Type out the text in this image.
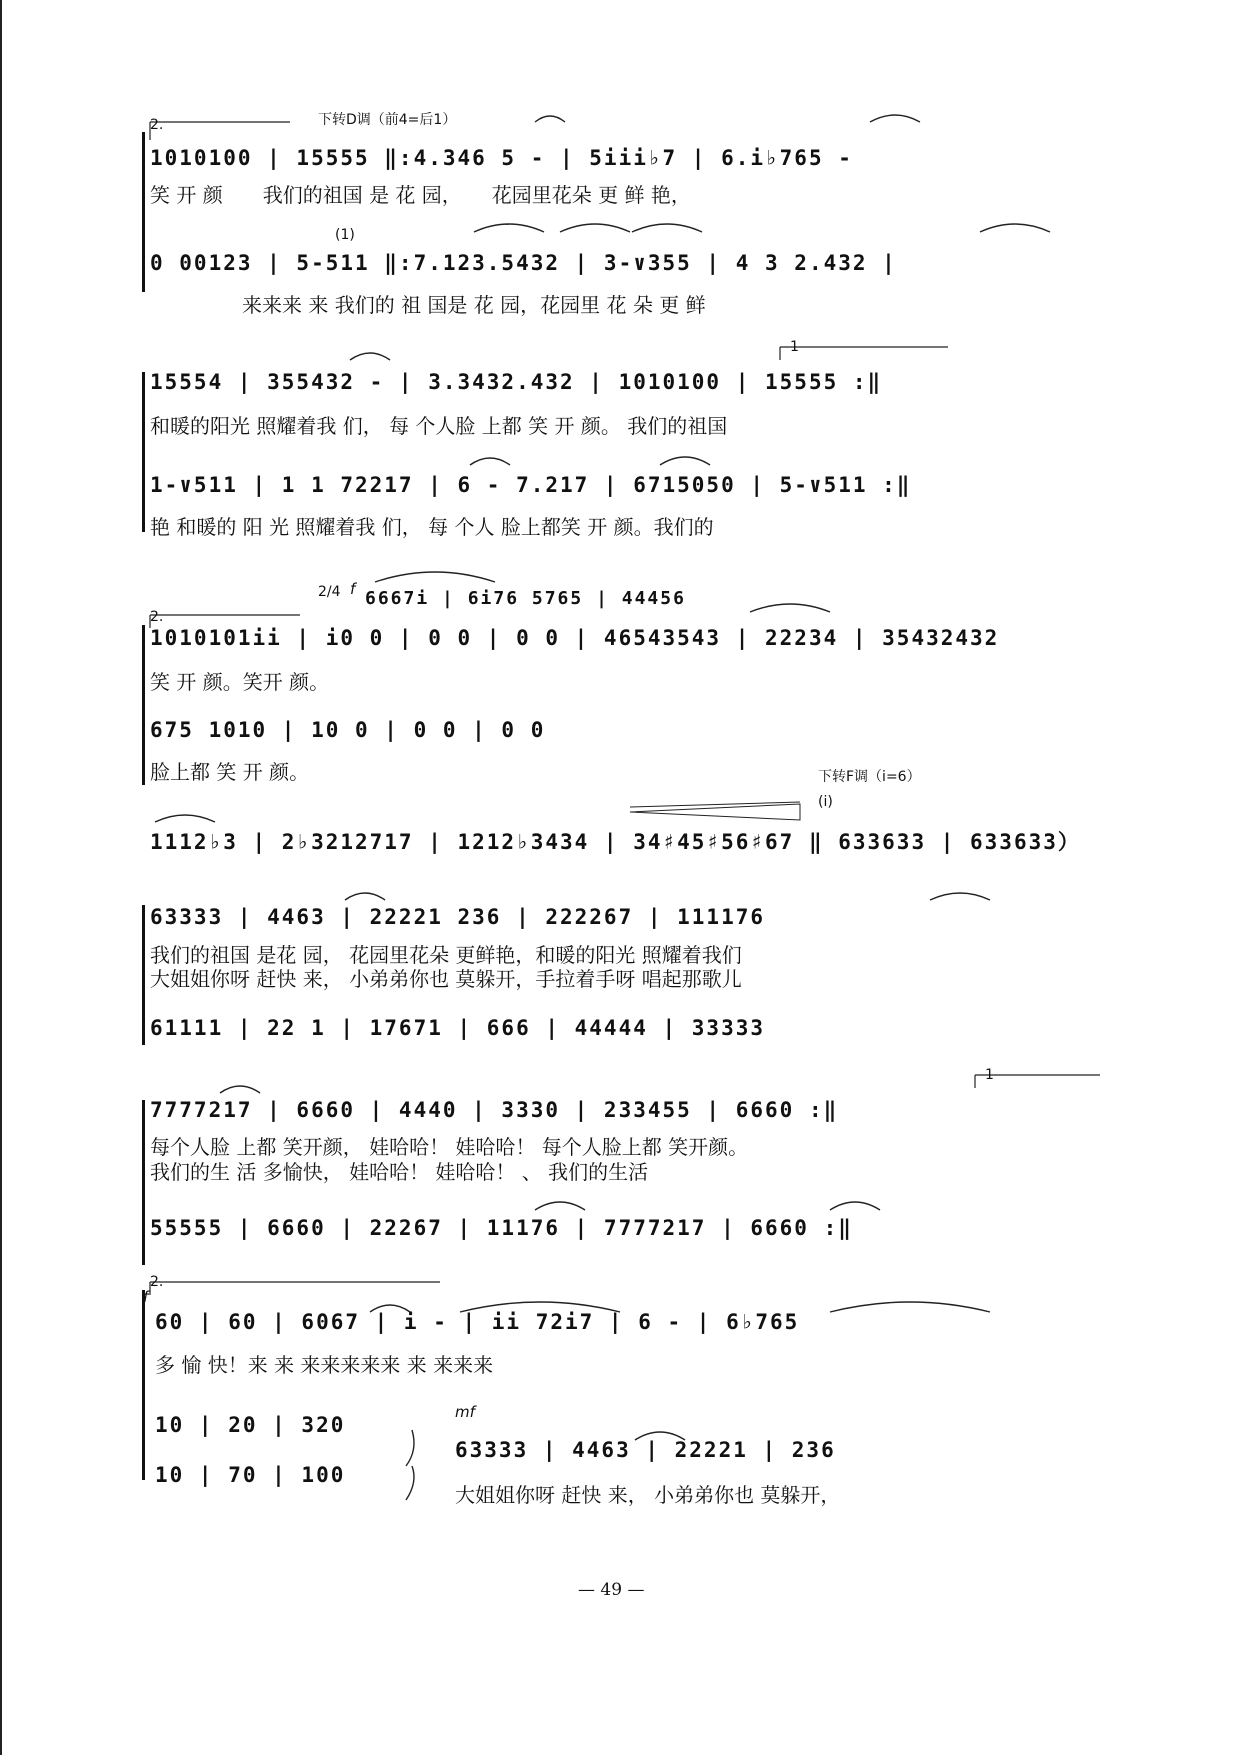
2.	下转D调（前4=后1）
1010100 | 15555 ‖:4.346 5 - | 5iii♭7 | 6.i♭765 -
笑 开 颜　　我们的祖国 是 花 园，　　花园里花朵 更 鲜 艳，
(1)
0 00123 | 5-511 ‖:7.123.5432 | 3-∨355 | 4 3 2.432 |
来来来 来 我们的 祖 国是 花 园，花园里 花 朵 更 鲜
1
15554 | 355432 - | 3.3432.432 | 1010100 | 15555 :‖
和暖的阳光 照耀着我 们， 每 个人脸 上都 笑 开 颜。 我们的祖国
1-∨511 | 1 1 72217 | 6 - 7.217 | 6715050 | 5-∨511 :‖
艳 和暖的 阳 光 照耀着我 们， 每 个人 脸上都笑 开 颜。我们的
2/4 f 6667i | 6i76 5765 | 44456
2.
1010101ii | i0 0 | 0 0 | 0 0 | 46543543 | 22234 | 35432432
笑 开 颜。笑开 颜。
675 1010 | 10 0 | 0 0 | 0 0
脸上都 笑 开 颜。	下转F调（i=6）
(i)
1112♭3 | 2♭3212717 | 1212♭3434 | 34♯45♯56♯67 ‖ 633633 | 633633）
63333 | 4463 | 22221 236 | 222267 | 111176
我们的祖国 是花 园， 花园里花朵 更鲜艳，和暖的阳光 照耀着我们
大姐姐你呀 赶快 来， 小弟弟你也 莫躲开，手拉着手呀 唱起那歌儿
61111 | 22 1 | 17671 | 666 | 44444 | 33333
1
7777217 | 6660 | 4440 | 3330 | 233455 | 6660 :‖
每个人脸 上都 笑开颜， 娃哈哈！ 娃哈哈！ 每个人脸上都 笑开颜。
我们的生 活 多愉快， 娃哈哈！ 娃哈哈！ 、 我们的生活
55555 | 6660 | 22267 | 11176 | 7777217 | 6660 :‖
2.
f
60 | 60 | 6067 | i - | ii 72i7 | 6 - | 6♭765
多 愉 快！来 来 来来来来来 来 来来来
10 | 20 | 320
10 | 70 | 100
mf
63333 | 4463 | 22221 | 236
大姐姐你呀 赶快 来， 小弟弟你也 莫躲开，
— 49 —
